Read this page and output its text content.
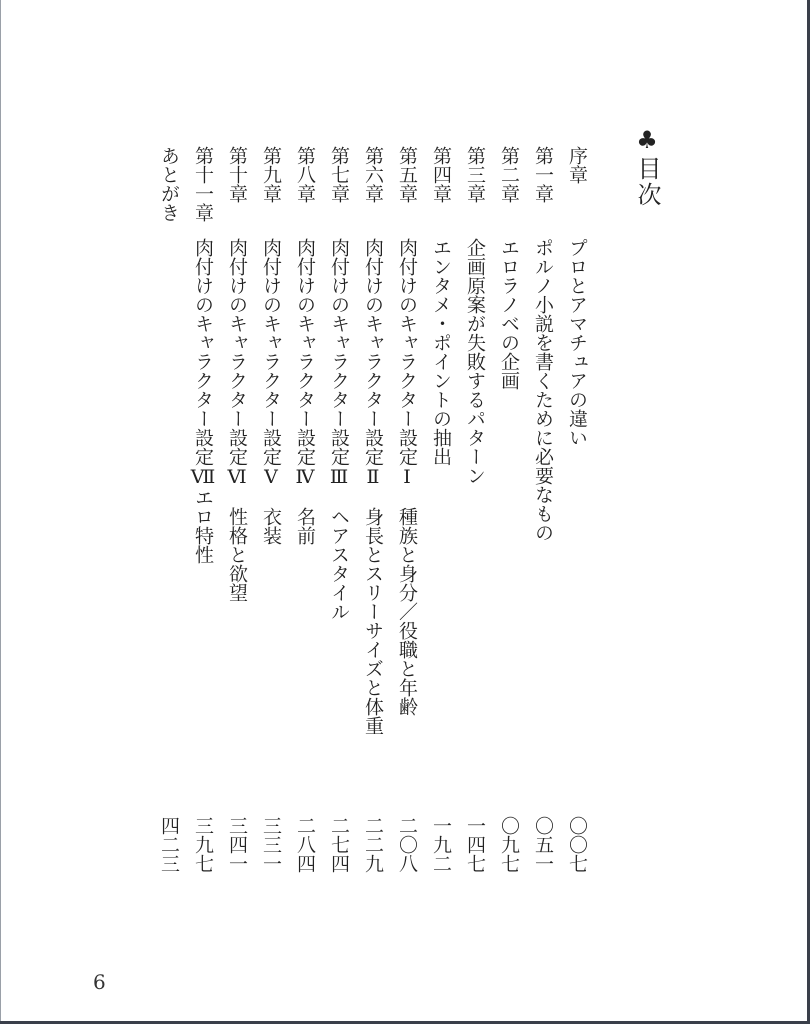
♣
目次
序章
プロとアマチュアの違い
〇〇七
第一章
ポルノ小説を書くために必要なもの
〇五一
第二章
エロラノベの企画
〇九七
第三章
企画原案が失敗するパターン
一四七
第四章
エンタメ・ポイントの抽出
一九二
第五章
肉付けのキャラクター設定Ⅰ　種族と身分／役職と年齢
二〇八
第六章
肉付けのキャラクター設定Ⅱ　身長とスリーサイズと体重
二二九
第七章
肉付けのキャラクター設定Ⅲ　ヘアスタイル
二七四
第八章
肉付けのキャラクター設定Ⅳ　名前
二八四
第九章
肉付けのキャラクター設定Ⅴ　衣装
三三一
第十章
肉付けのキャラクター設定Ⅵ　性格と欲望
三四一
第十一章
肉付けのキャラクター設定Ⅶエロ特性
三九七
あとがき
四二三
6
